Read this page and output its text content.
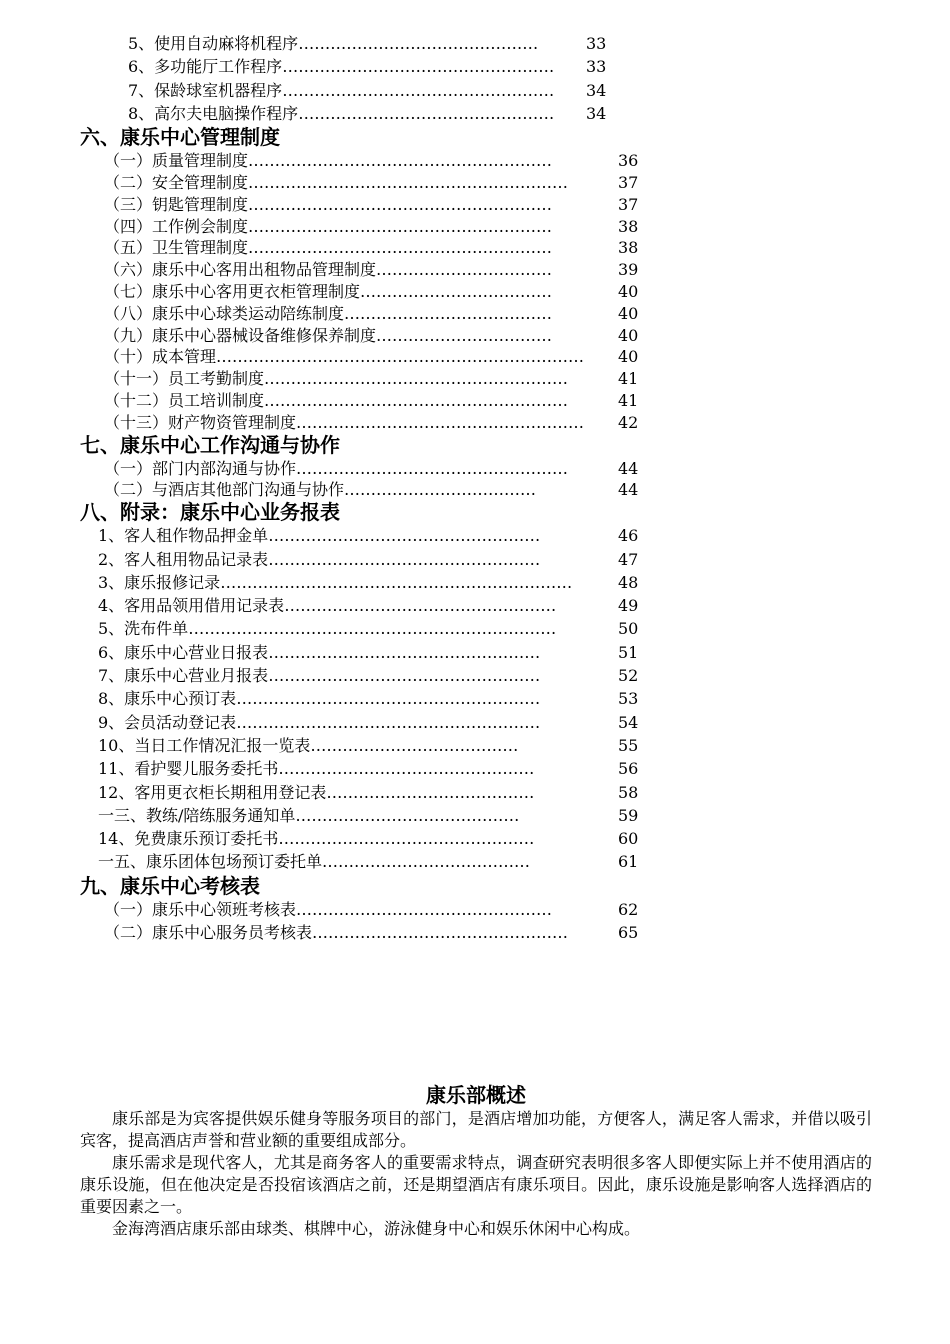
5、使用自动麻将机程序………………………………………	33
6、多功能厅工作程序…………………………………………… 33
7、保龄球室机器程序…………………………………………… 34
8、高尔夫电脑操作程序………………………………………… 34
六、康乐中心管理制度
（一）质量管理制度…………………………………………………	36
（二）安全管理制度……………………………………………………	37
（三）钥匙管理制度…………………………………………………	37
（四）工作例会制度…………………………………………………	38
（五）卫生管理制度…………………………………………………	38
（六）康乐中心客用出租物品管理制度……………………………	39
（七）康乐中心客用更衣柜管理制度………………………………	40
（八）康乐中心球类运动陪练制度…………………………………	40
（九）康乐中心器械设备维修保养制度……………………………	40
（十）成本管理…………………………………………………………… 40
（十一）员工考勤制度…………………………………………………	41
（十二）员工培训制度…………………………………………………	41
（十三）财产物资管理制度……………………………………………… 42
七、康乐中心工作沟通与协作
（一）部门内部沟通与协作……………………………………………	44
（二）与酒店其他部门沟通与协作………………………………	44
八、附录：康乐中心业务报表
1、客人租作物品押金单……………………………………………	46
2、客人租用物品记录表……………………………………………	47
3、康乐报修记录…………………………………………………………	48
4、客用品领用借用记录表……………………………………………	49
5、洗布件单……………………………………………………………	50
6、康乐中心营业日报表……………………………………………	51
7、康乐中心营业月报表……………………………………………	52
8、康乐中心预订表…………………………………………………	53
9、会员活动登记表…………………………………………………	54
10、当日工作情况汇报一览表…………………………………	55
11、看护婴儿服务委托书…………………………………………	56
12、客用更衣柜长期租用登记表…………………………………	58
一三、教练/陪练服务通知单……………………………………	59
14、免费康乐预订委托书…………………………………………	60
一五、康乐团体包场预订委托单…………………………………	61
九、康乐中心考核表
（一）康乐中心领班考核表…………………………………………	62
（二）康乐中心服务员考核表…………………………………………	65
康乐部概述

康乐部是为宾客提供娱乐健身等服务项目的部门，是酒店增加功能，方便客人，满足客人需求，并借以吸引宾客，提高酒店声誉和营业额的重要组成部分。

康乐需求是现代客人，尤其是商务客人的重要需求特点，调查研究表明很多客人即便实际上并不使用酒店的康乐设施，但在他决定是否投宿该酒店之前，还是期望酒店有康乐项目。因此，康乐设施是影响客人选择酒店的重要因素之一。

金海湾酒店康乐部由球类、棋牌中心，游泳健身中心和娱乐休闲中心构成。
